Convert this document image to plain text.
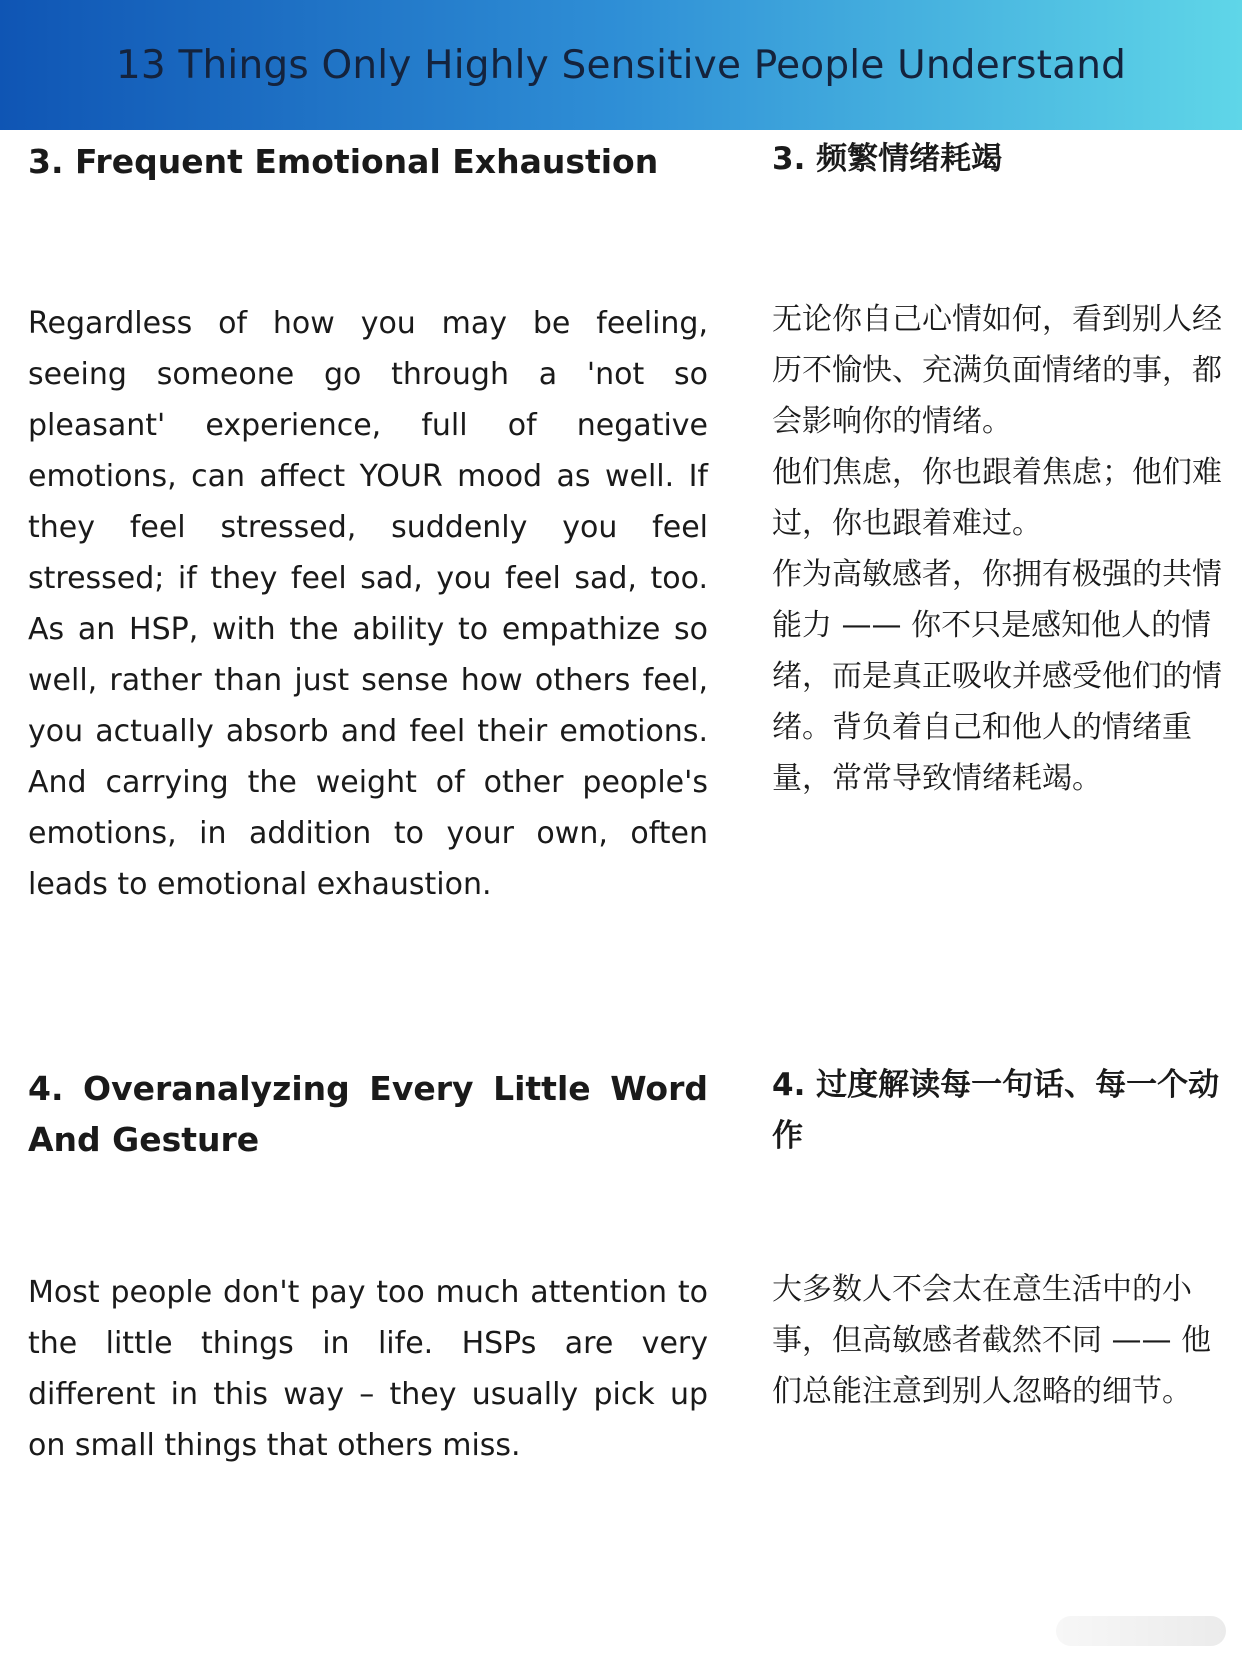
13 Things Only Highly Sensitive People Understand
3. Frequent Emotional Exhaustion	3. 频繁情绪耗竭

Regardless of how you may be feeling, seeing someone go through a 'not so pleasant' experience, full of negative emotions, can affect YOUR mood as well. If they feel stressed, suddenly you feel stressed; if they feel sad, you feel sad, too. As an HSP, with the ability to empathize so well, rather than just sense how others feel, you actually absorb and feel their emotions. And carrying the weight of other people's emotions, in addition to your own, often leads to emotional exhaustion.

无论你自己心情如何，看到别人经历不愉快、充满负面情绪的事，都会影响你的情绪。

他们焦虑，你也跟着焦虑；他们难过，你也跟着难过。

作为高敏感者，你拥有极强的共情能力 —— 你不只是感知他人的情绪，而是真正吸收并感受他们的情绪。背负着自己和他人的情绪重量，常常导致情绪耗竭。

4. Overanalyzing Every Little Word And Gesture
4. 过度解读每一句话、每一个动作

Most people don't pay too much attention to the little things in life. HSPs are very different in this way – they usually pick up on small things that others miss.

大多数人不会太在意生活中的小事，但高敏感者截然不同 —— 他们总能注意到别人忽略的细节。
